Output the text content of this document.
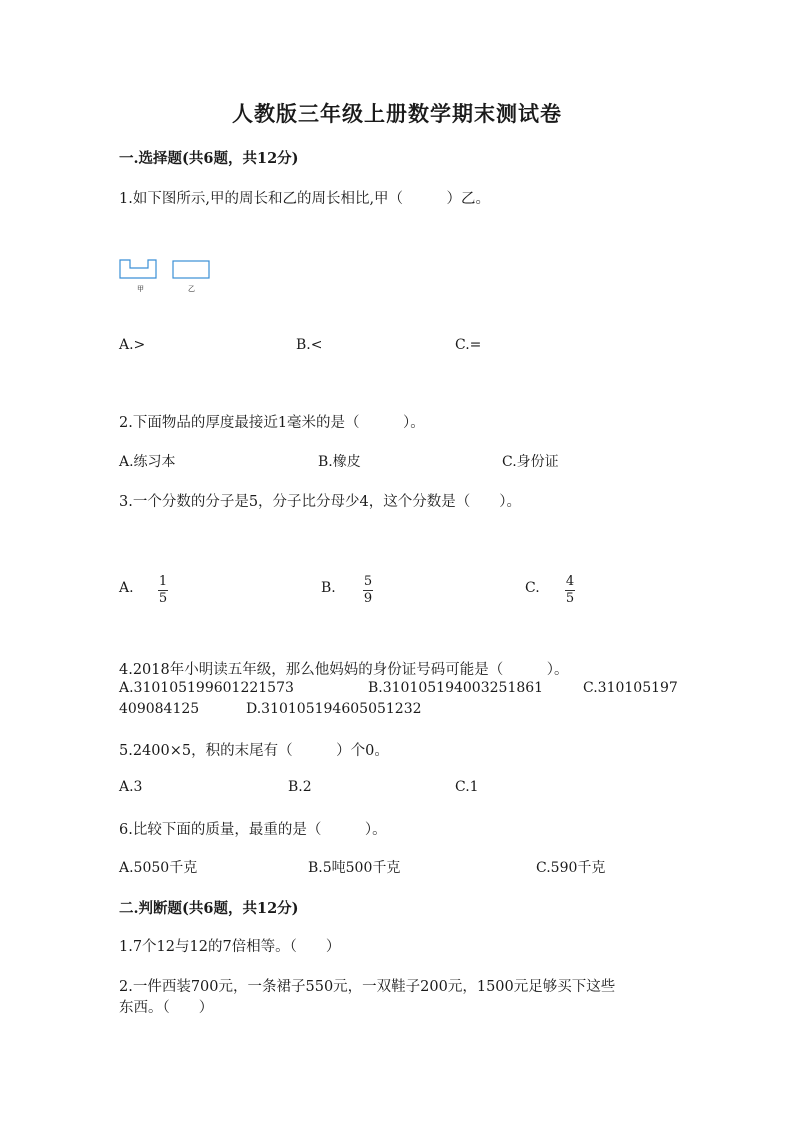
人教版三年级上册数学期末测试卷
一.选择题(共6题，共12分)
1.如下图所示,甲的周长和乙的周长相比,甲（　　　）乙。
甲	乙
A.>	B.<	C.=
2.下面物品的厚度最接近1毫米的是（　　　）。
A.练习本	B.橡皮	C.身份证
3.一个分数的分子是5，分子比分母少4，这个分数是（　　）。
A. 1
5
B. 5
9
C. 4
5
4.2018年小明读五年级，那么他妈妈的身份证号码可能是（　　　）。
A.310105199601221573	B.310105194003251861	C.310105197
409084125	D.310105194605051232
5.2400×5，积的末尾有（　　　）个0。
A.3	B.2	C.1
6.比较下面的质量，最重的是（　　　）。
A.5050千克	B.5吨500千克	C.590千克
二.判断题(共6题，共12分)
1.7个12与12的7倍相等。（　　）
2.一件西装700元，一条裙子550元，一双鞋子200元，1500元足够买下这些
东西。（　　）
